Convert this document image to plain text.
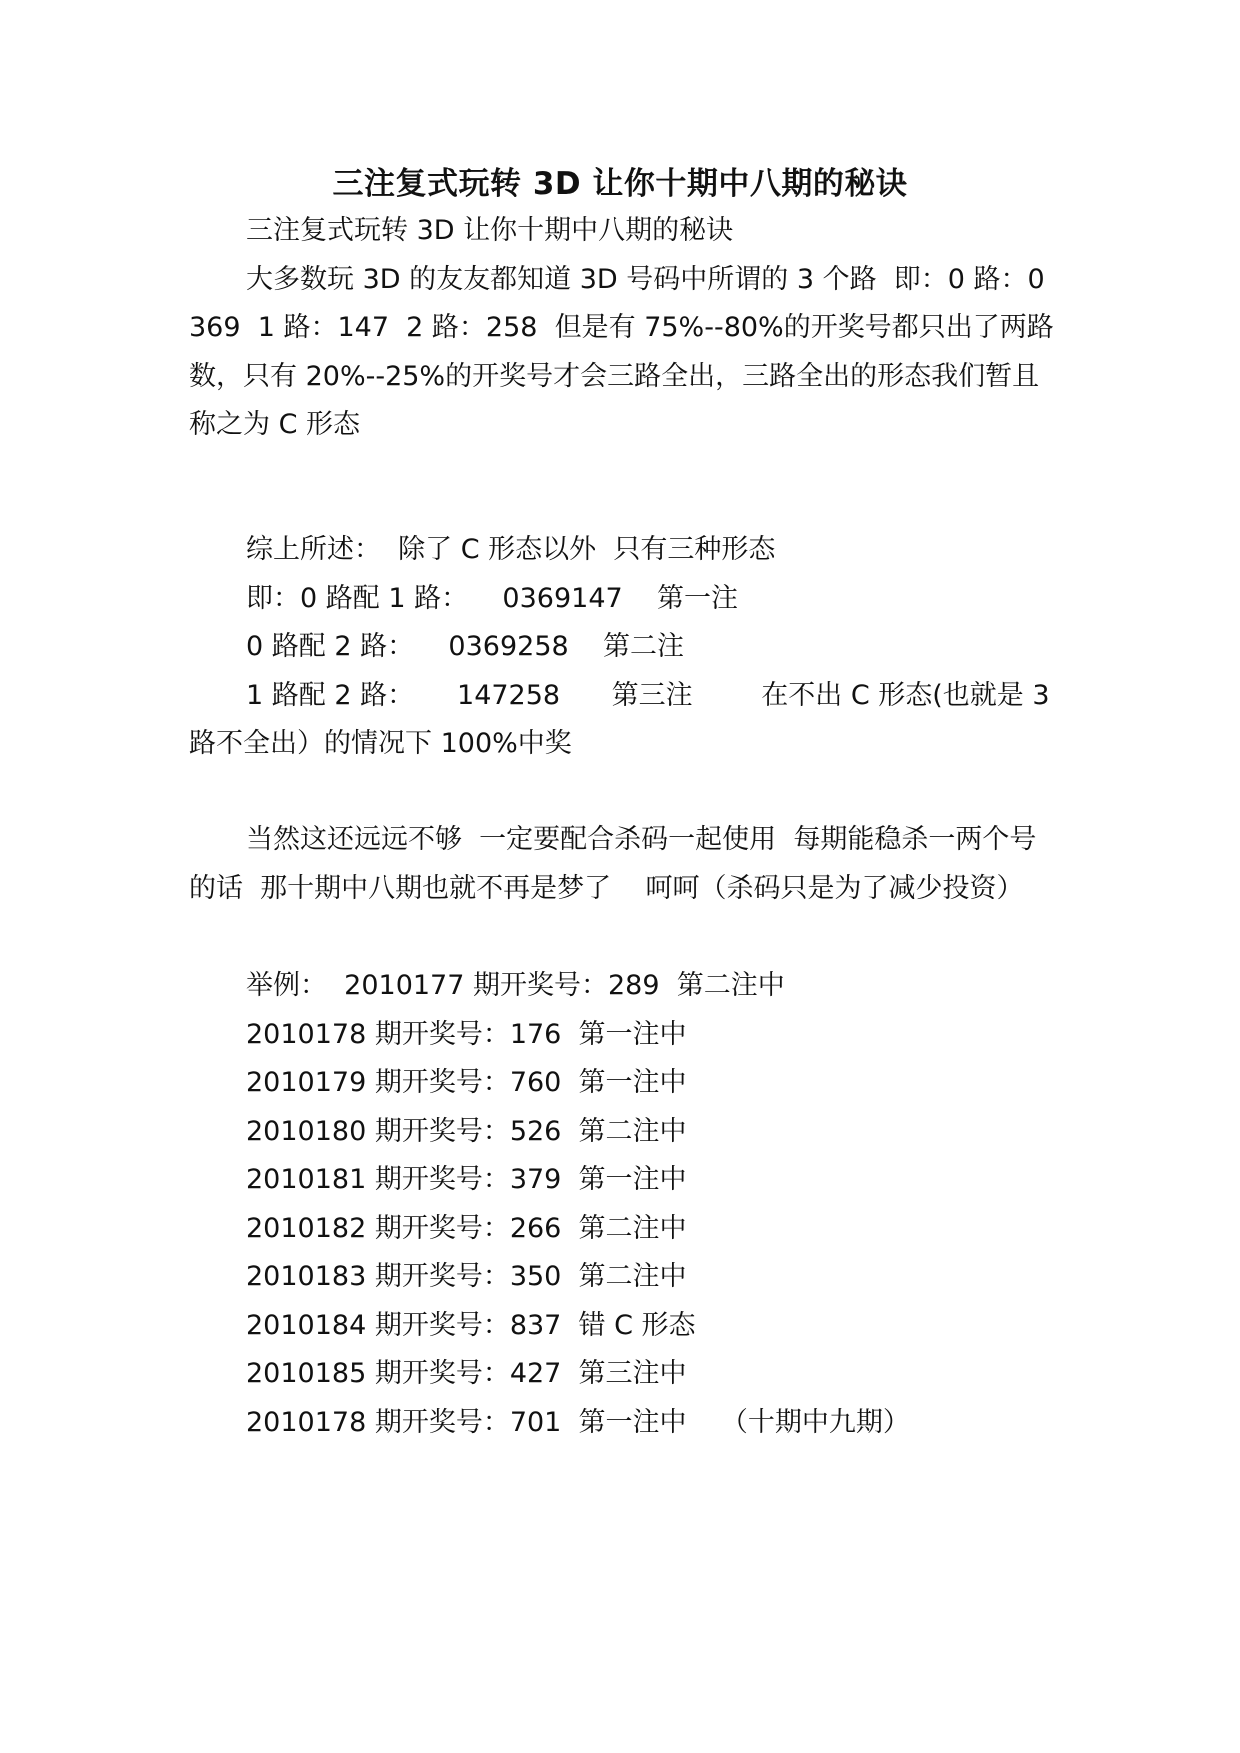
三注复式玩转 3D 让你十期中八期的秘诀

三注复式玩转 3D 让你十期中八期的秘诀

大多数玩 3D 的友友都知道 3D 号码中所谓的 3 个路  即：0 路：0369  1 路：147  2 路：258  但是有 75%--80%的开奖号都只出了两路数，只有 20%--25%的开奖号才会三路全出，三路全出的形态我们暂且称之为 C 形态

综上所述：  除了 C 形态以外  只有三种形态

即：0 路配 1 路：    0369147    第一注

0 路配 2 路：    0369258    第二注

1 路配 2 路：     147258      第三注        在不出 C 形态(也就是 3 路不全出）的情况下 100%中奖

当然这还远远不够  一定要配合杀码一起使用  每期能稳杀一两个号的话  那十期中八期也就不再是梦了    呵呵（杀码只是为了减少投资）

举例：  2010177 期开奖号：289  第二注中

2010178 期开奖号：176  第一注中

2010179 期开奖号：760  第一注中

2010180 期开奖号：526  第二注中

2010181 期开奖号：379  第一注中

2010182 期开奖号：266  第二注中

2010183 期开奖号：350  第二注中

2010184 期开奖号：837  错 C 形态

2010185 期开奖号：427  第三注中

2010178 期开奖号：701  第一注中    （十期中九期）
